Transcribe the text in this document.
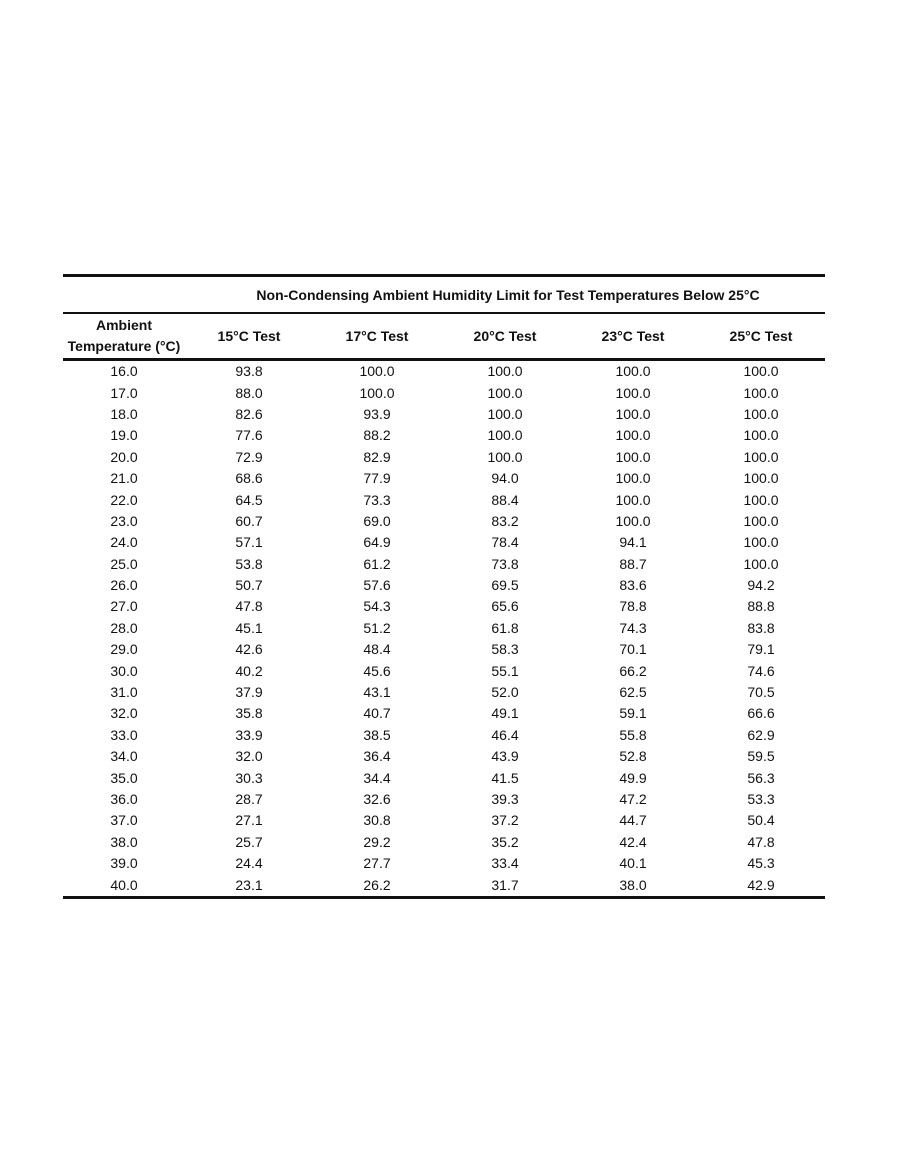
	Non-Condensing Ambient Humidity Limit for Test Temperatures Below 25°C				

Ambient
Temperature (°C)	15°C Test	17°C Test	20°C Test	23°C Test	25°C Test
16.0	93.8	100.0	100.0	100.0	100.0
17.0	88.0	100.0	100.0	100.0	100.0
18.0	82.6	93.9	100.0	100.0	100.0
19.0	77.6	88.2	100.0	100.0	100.0
20.0	72.9	82.9	100.0	100.0	100.0
21.0	68.6	77.9	94.0	100.0	100.0
22.0	64.5	73.3	88.4	100.0	100.0
23.0	60.7	69.0	83.2	100.0	100.0
24.0	57.1	64.9	78.4	94.1	100.0
25.0	53.8	61.2	73.8	88.7	100.0
26.0	50.7	57.6	69.5	83.6	94.2
27.0	47.8	54.3	65.6	78.8	88.8
28.0	45.1	51.2	61.8	74.3	83.8
29.0	42.6	48.4	58.3	70.1	79.1
30.0	40.2	45.6	55.1	66.2	74.6
31.0	37.9	43.1	52.0	62.5	70.5
32.0	35.8	40.7	49.1	59.1	66.6
33.0	33.9	38.5	46.4	55.8	62.9
34.0	32.0	36.4	43.9	52.8	59.5
35.0	30.3	34.4	41.5	49.9	56.3
36.0	28.7	32.6	39.3	47.2	53.3
37.0	27.1	30.8	37.2	44.7	50.4
38.0	25.7	29.2	35.2	42.4	47.8
39.0	24.4	27.7	33.4	40.1	45.3
40.0	23.1	26.2	31.7	38.0	42.9
